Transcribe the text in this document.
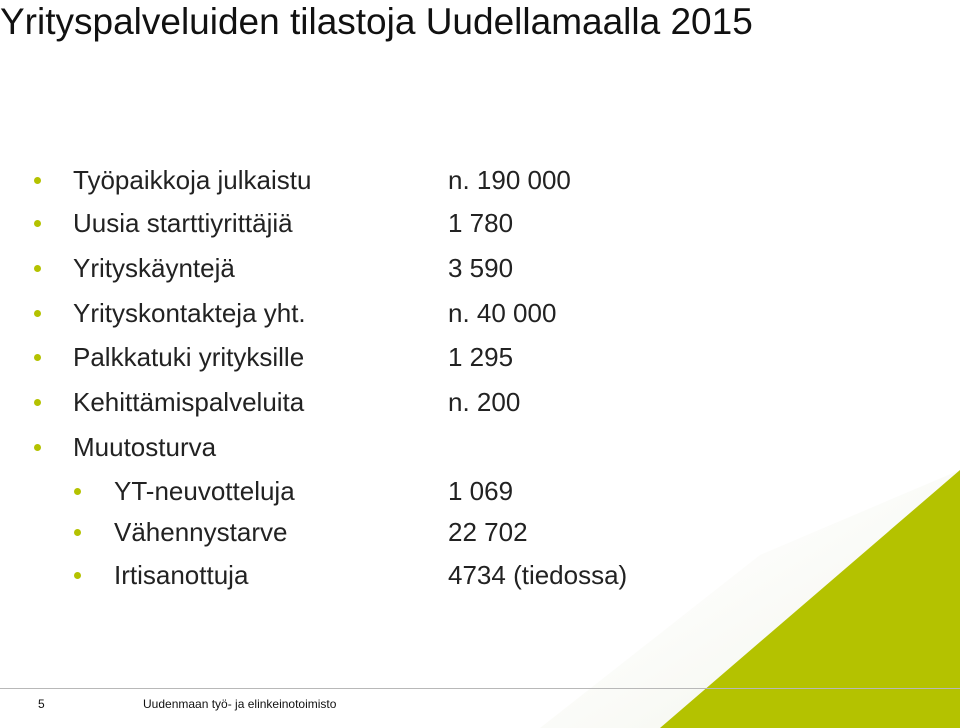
Yrityspalveluiden tilastoja Uudellamaalla 2015
Työpaikkoja julkaistu	n. 190 000
Uusia starttiyrittäjiä	1 780
Yrityskäyntejä	3 590
Yrityskontakteja yht.	n. 40 000
Palkkatuki yrityksille	1 295
Kehittämispalveluita	n. 200
Muutosturva
YT-neuvotteluja	1 069
Vähennystarve	22 702
Irtisanottuja	4734 (tiedossa)
5	Uudenmaan työ- ja elinkeinotoimisto
